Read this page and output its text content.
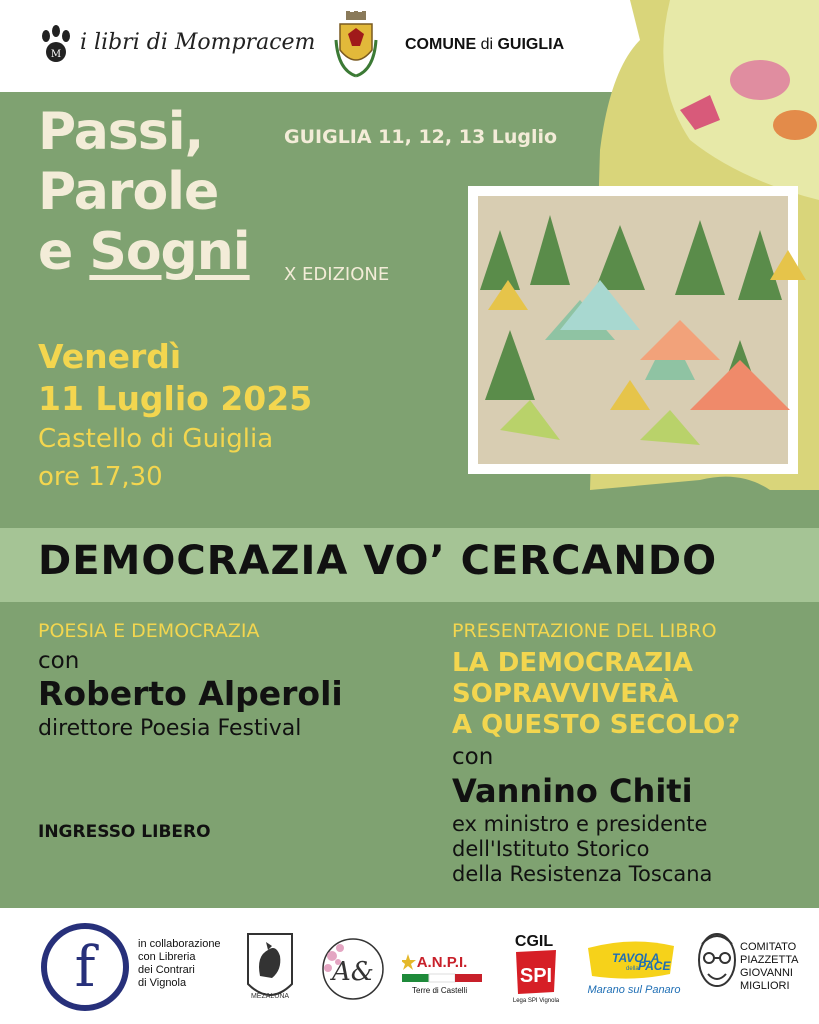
M i libri di Mompracem	COMUNE di GUIGLIA
Passi,
Parole
e Sogni
GUIGLIA 11, 12, 13 Luglio
X EDIZIONE
Venerdì
11 Luglio 2025
Castello di Guiglia
ore 17,30
DEMOCRAZIA VO’ CERCANDO
POESIA E DEMOCRAZIA
con
Roberto Alperoli
direttore Poesia Festival
INGRESSO LIBERO
PRESENTAZIONE DEL LIBRO
LA DEMOCRAZIA
SOPRAVVIVERÀ
A QUESTO SECOLO?
con
Vannino Chiti
ex ministro e presidente
dell'Istituto Storico
della Resistenza Toscana
f	in collaborazione
con Libreria
dei Contrari
di Vignola
MEZALUNA
A&	A.N.P.I.
Terre di Castelli
CGIL
SPI
Lega SPI Vignola
TAVOLA
della PACE
Marano sul Panaro
COMITATO
PIAZZETTA
GIOVANNI
MIGLIORI
